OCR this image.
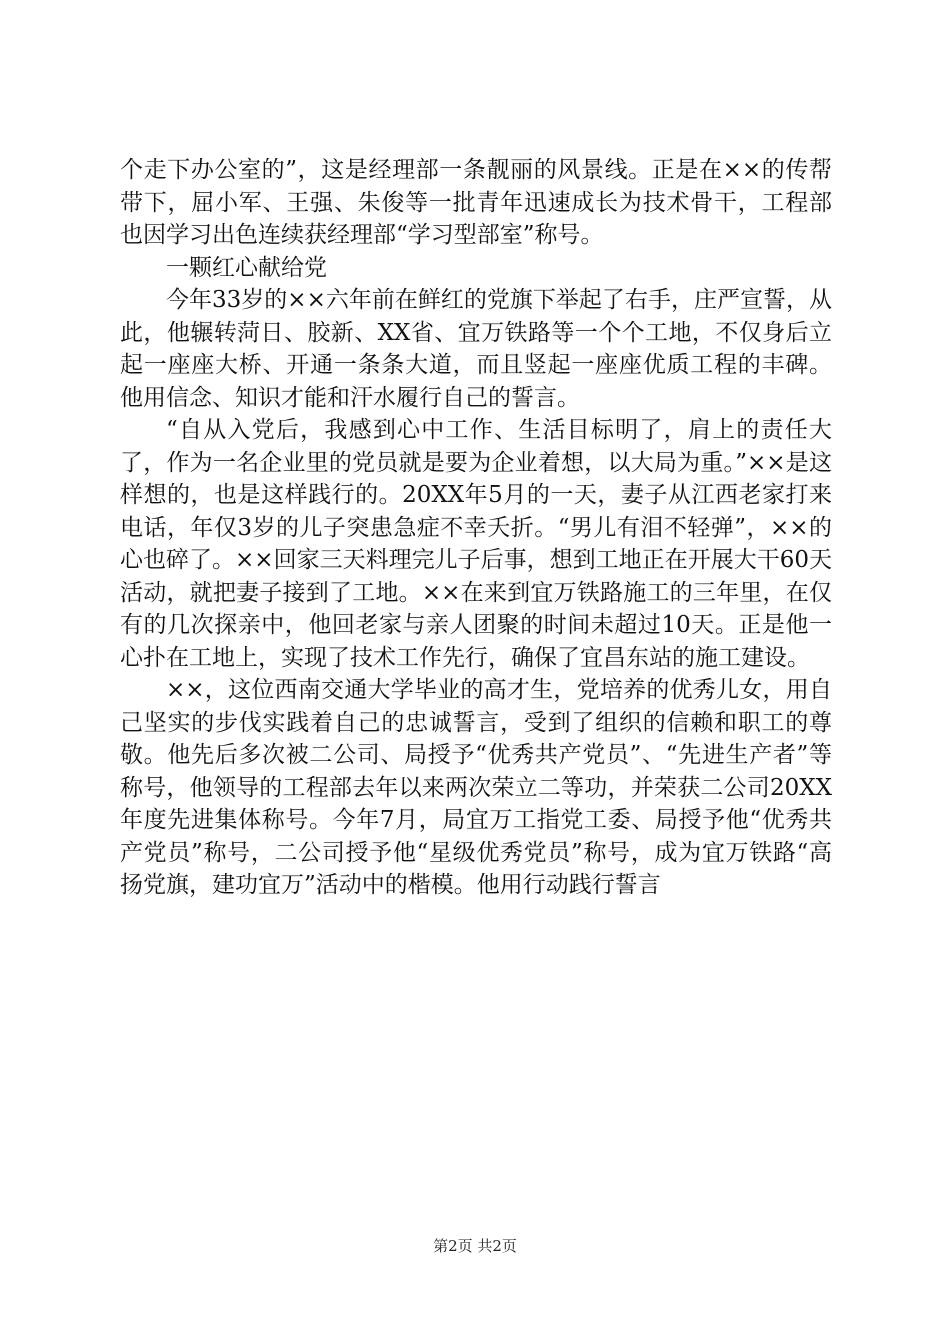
个走下办公室的”，这是经理部一条靓丽的风景线。正是在××的传帮带下，屈小军、王强、朱俊等一批青年迅速成长为技术骨干，工程部也因学习出色连续获经理部“学习型部室”称号。

一颗红心献给党

今年33岁的××六年前在鲜红的党旗下举起了右手，庄严宣誓，从此，他辗转菏日、胶新、XX省、宜万铁路等一个个工地，不仅身后立起一座座大桥、开通一条条大道，而且竖起一座座优质工程的丰碑。他用信念、知识才能和汗水履行自己的誓言。

“自从入党后，我感到心中工作、生活目标明了，肩上的责任大了，作为一名企业里的党员就是要为企业着想，以大局为重。”××是这样想的，也是这样践行的。20XX年5月的一天，妻子从江西老家打来电话，年仅3岁的儿子突患急症不幸夭折。“男儿有泪不轻弹”，××的心也碎了。××回家三天料理完儿子后事，想到工地正在开展大干60天活动，就把妻子接到了工地。××在来到宜万铁路施工的三年里，在仅有的几次探亲中，他回老家与亲人团聚的时间未超过10天。正是他一心扑在工地上，实现了技术工作先行，确保了宜昌东站的施工建设。

××，这位西南交通大学毕业的高才生，党培养的优秀儿女，用自己坚实的步伐实践着自己的忠诚誓言，受到了组织的信赖和职工的尊敬。他先后多次被二公司、局授予“优秀共产党员”、“先进生产者”等称号，他领导的工程部去年以来两次荣立二等功，并荣获二公司20XX年度先进集体称号。今年7月，局宜万工指党工委、局授予他“优秀共产党员”称号，二公司授予他“星级优秀党员”称号，成为宜万铁路“高扬党旗，建功宜万”活动中的楷模。他用行动践行誓言

第2页 共2页
